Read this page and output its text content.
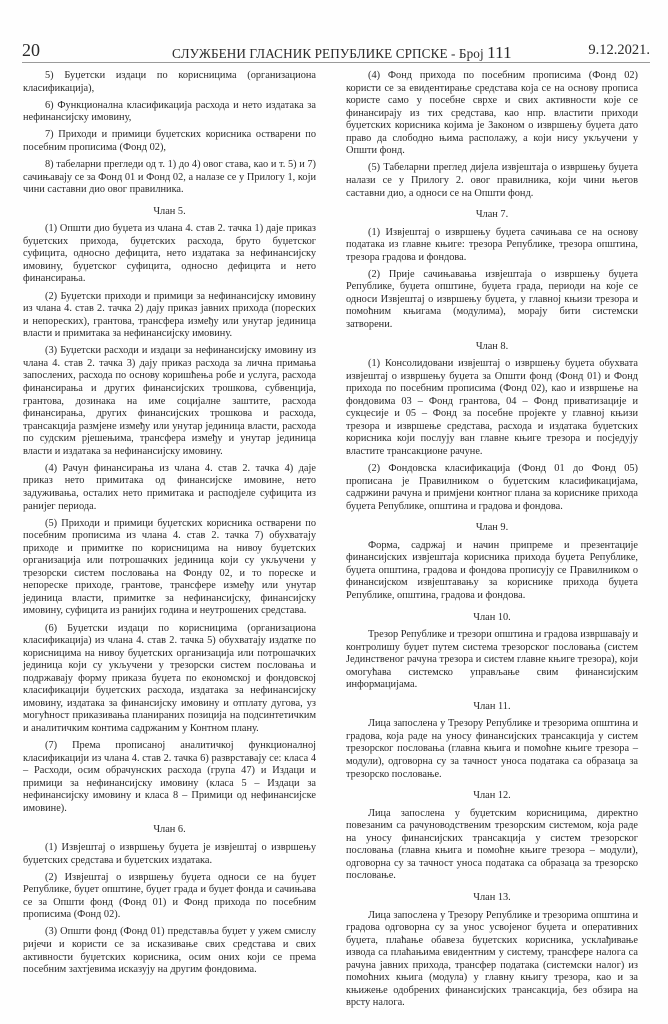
20	СЛУЖБЕНИ ГЛАСНИК РЕПУБЛИКЕ СРПСКЕ - Број 111	9.12.2021.

5) Буџетски издаци по корисницима (организациона класификација),

6) Функционална класификација расхода и нето издатака за нефинансијску имовину,

7) Приходи и примици буџетских корисника остварени по посебним прописима (Фонд 02),

8) табеларни прегледи од т. 1) до 4) овог става, као и т. 5) и 7) сачињавају се за Фонд 01 и Фонд 02, а налазе се у Прилогу 1, који чини саставни дио овог правилника.

Члан 5.

(1) Општи дио буџета из члана 4. став 2. тачка 1) даје приказ буџетских прихода, буџетских расхода, бруто буџетског суфицита, односно дефицита, нето издатака за нефинансијску имовину, буџетског суфицита, односно дефицита и нето финансирања.

(2) Буџетски приходи и примици за нефинансијску имовину из члана 4. став 2. тачка 2) дају приказ јавних прихода (пореских и непореских), грантова, трансфера између или унутар јединица власти и примитака за нефинансијску имовину.

(3) Буџетски расходи и издаци за нефинансијску имовину из члана 4. став 2. тачка 3) дају приказ расхода за лична примања запослених, расхода по основу коришћења робе и услуга, расхода финансирања и других финансијских трошкова, субвенција, грантова, дозинака на име социјалне заштите, расхода финансирања, других финансијских трошкова и расхода, трансакција размјене између или унутар јединица власти, расхода по судским рјешењима, трансфера између и унутар јединица власти и издатака за нефинансијску имовину.

(4) Рачун финансирања из члана 4. став 2. тачка 4) даје приказ нето примитака од финансијске имовине, нето задуживања, осталих нето примитака и расподјеле суфицита из ранијег периода.

(5) Приходи и примици буџетских корисника остварени по посебним прописима из члана 4. став 2. тачка 7) обухватају приходе и примитке по корисницима на нивоу буџетских организација или потрошачких јединица који су укључени у трезорски систем пословања на Фонду 02, и то пореске и непореске приходе, грантове, трансфере између или унутар јединица власти, примитке за нефинансијску, финансијску имовину, суфицита из ранијих година и неутрошених средстава.

(6) Буџетски издаци по корисницима (организациона класификација) из члана 4. став 2. тачка 5) обухватају издатке по корисницима на нивоу буџетских организација или потрошачких јединица који су укључени у трезорски систем пословања и подржавају форму приказа буџета по економској и фондовској класификацији буџетских расхода, издатака за нефинансијску имовину, издатака за финансијску имовину и отплату дугова, уз могућност приказивања планираних позиција на подсинтетичким и аналитичким контима садржаним у Контном плану.

(7) Према прописаној аналитичкој функционалној класификацији из члана 4. став 2. тачка 6) разврставају се: класа 4 – Расходи, осим обрачунских расхода (група 47) и Издаци и примици за нефинансијску имовину (класа 5 – Издаци за нефинансијску имовину и класа 8 – Примици од нефинансијске имовине).

Члан 6.

(1) Извјештај о извршењу буџета је извјештај о извршењу буџетских средстава и буџетских издатака.

(2) Извјештај о извршењу буџета односи се на буџет Републике, буџет општине, буџет града и буџет фонда и сачињава се за Општи фонд (Фонд 01) и Фонд прихода по посебним прописима (Фонд 02).

(3) Општи фонд (Фонд 01) представља буџет у ужем смислу ријечи и користи се за исказивање свих средстава и свих активности буџетских корисника, осим оних који се према посебним захтјевима исказују на другим фондовима.

(4) Фонд прихода по посебним прописима (Фонд 02) користи се за евидентирање средстава која се на основу прописа користе само у посебне сврхе и свих активности које се финансирају из тих средстава, као нпр. властити приходи буџетских корисника којима је Законом о извршењу буџета дато право да слободно њима располажу, а који нису укључени у Општи фонд.

(5) Табеларни преглед дијела извјештаја о извршењу буџета налази се у Прилогу 2. овог правилника, који чини његов саставни дио, а односи се на Општи фонд.

Члан 7.

(1) Извјештај о извршењу буџета сачињава се на основу података из главне књиге: трезора Републике, трезора општина, трезора градова и фондова.

(2) Прије сачињавања извјештаја о извршењу буџета Републике, буџета општине, буџета града, периоди на које се односи Извјештај о извршењу буџета, у главној књизи трезора и помоћним књигама (модулима), морају бити системски затворени.

Члан 8.

(1) Консолидовани извјештај о извршењу буџета обухвата извјештај о извршењу буџета за Општи фонд (Фонд 01) и Фонд прихода по посебним прописима (Фонд 02), као и извршење на фондовима 03 – Фонд грантова, 04 – Фонд приватизације и сукцесије и 05 – Фонд за посебне пројекте у главној књизи трезора и извршење средстава, расхода и издатака буџетских корисника који послују ван главне књиге трезора и посједују властите трансакционе рачуне.

(2) Фондовска класификација (Фонд 01 до Фонд 05) прописана је Правилником о буџетским класификацијама, садржини рачуна и примјени контног плана за кориснике прихода буџета Републике, општина и градова и фондова.

Члан 9.

Форма, садржај и начин припреме и презентације финансијских извјештаја корисника прихода буџета Републике, буџета општина, градова и фондова прописују се Правилником о финансијском извјештавању за кориснике прихода буџета Републике, општина, градова и фондова.

Члан 10.

Трезор Републике и трезори општина и градова извршавају и контролишу буџет путем система трезорског пословања (систем Јединственог рачуна трезора и систем главне књиге трезора), који омогућава системско управљање свим финансијским информацијама.

Члан 11.

Лица запослена у Трезору Републике и трезорима општина и градова, која раде на уносу финансијских трансакција у систем трезорског пословања (главна књига и помоћне књиге трезора – модули), одговорна су за тачност уноса података са образаца за трезорско пословање.

Члан 12.

Лица запослена у буџетским корисницима, директно повезаним са рачуноводственим трезорским системом, која раде на уносу финансијских трансакција у систем трезорског пословања (главна књига и помоћне књиге трезора – модули), одговорна су за тачност уноса података са образаца за трезорско пословање.

Члан 13.

Лица запослена у Трезору Републике и трезорима општина и градова одговорна су за унос усвојеног буџета и оперативних буџета, плаћање обавеза буџетских корисника, усклађивање извода са плаћањима евидентним у систему, трансфере налога са рачуна јавних прихода, трансфер података (системски налог) из помоћних књига (модула) у главну књигу трезора, као и за књижење одобрених финансијских трансакција, без обзира на врсту налога.
